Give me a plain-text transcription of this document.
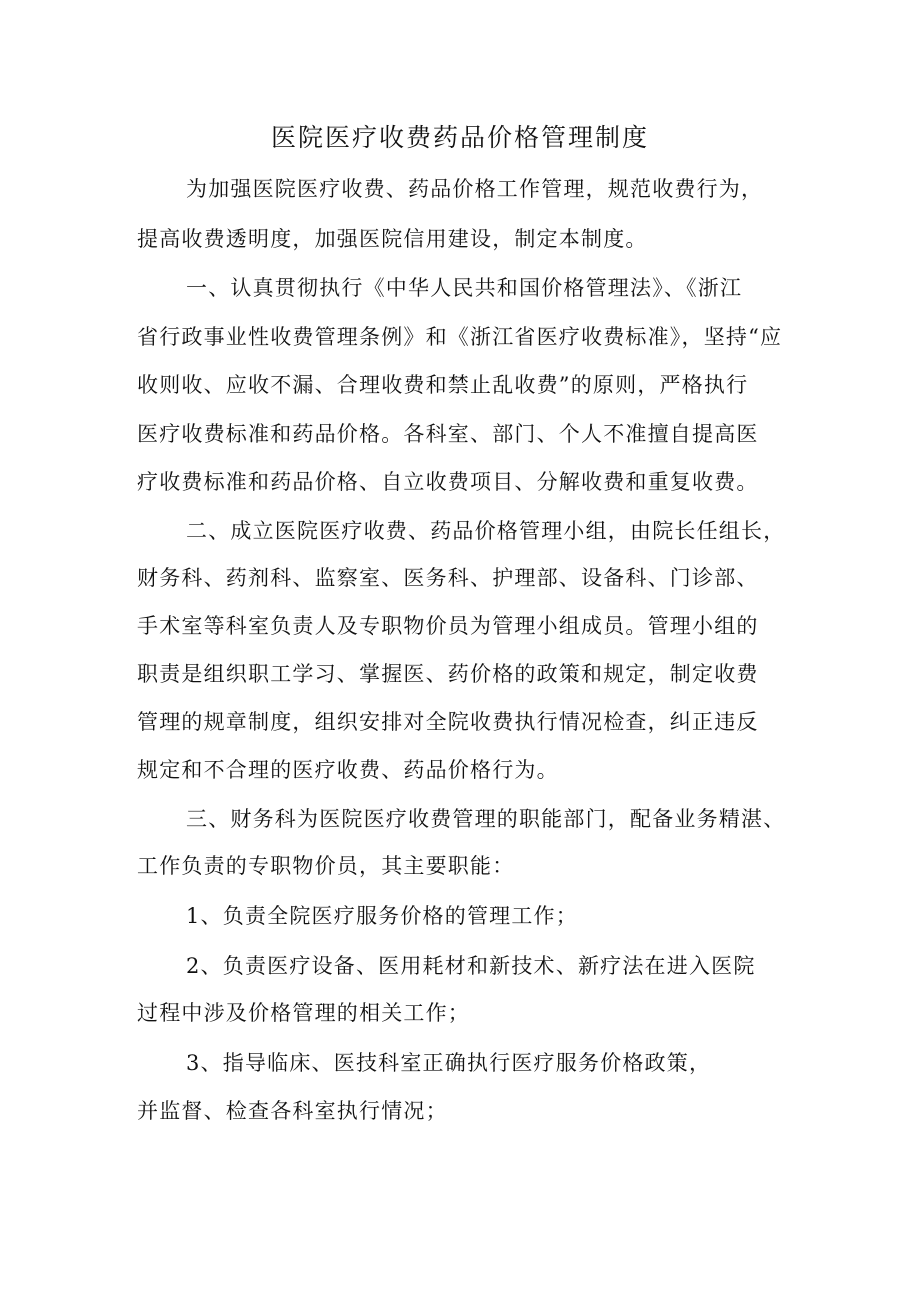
医院医疗收费药品价格管理制度
为加强医院医疗收费、药品价格工作管理，规范收费行为，
提高收费透明度，加强医院信用建设，制定本制度。
一、认真贯彻执行《中华人民共和国价格管理法》、《浙江
省行政事业性收费管理条例》和《浙江省医疗收费标准》，坚持“应
收则收、应收不漏、合理收费和禁止乱收费”的原则，严格执行
医疗收费标准和药品价格。各科室、部门、个人不准擅自提高医
疗收费标准和药品价格、自立收费项目、分解收费和重复收费。
二、成立医院医疗收费、药品价格管理小组，由院长任组长，
财务科、药剂科、监察室、医务科、护理部、设备科、门诊部、
手术室等科室负责人及专职物价员为管理小组成员。管理小组的
职责是组织职工学习、掌握医、药价格的政策和规定，制定收费
管理的规章制度，组织安排对全院收费执行情况检查，纠正违反
规定和不合理的医疗收费、药品价格行为。
三、财务科为医院医疗收费管理的职能部门，配备业务精湛、
工作负责的专职物价员，其主要职能：
1、负责全院医疗服务价格的管理工作；
2、负责医疗设备、医用耗材和新技术、新疗法在进入医院
过程中涉及价格管理的相关工作；
3、指导临床、医技科室正确执行医疗服务价格政策，
并监督、检查各科室执行情况；
